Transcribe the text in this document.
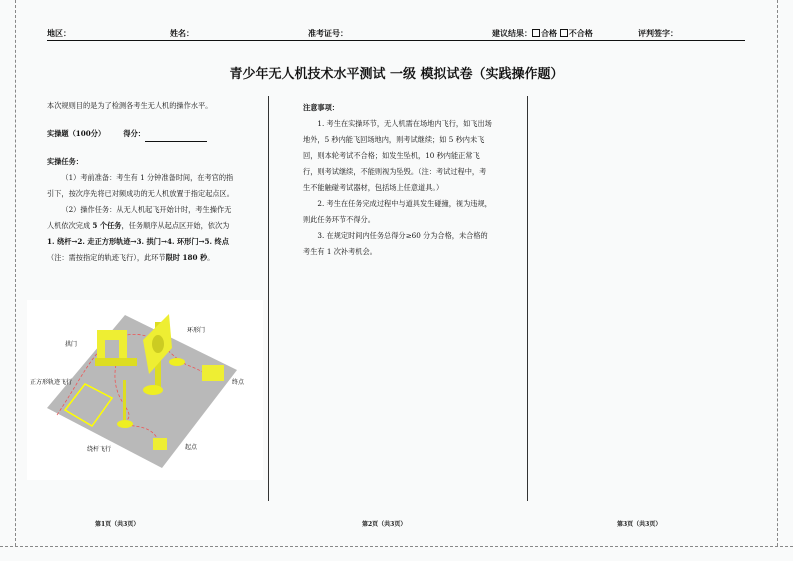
地区：	姓名：	准考证号：	建议结果： 合格 不合格	评判签字：
青少年无人机技术水平测试 一级 模拟试卷（实践操作题）

本次规则目的是为了检测各考生无人机的操作水平。

实操题（100分）	得分：

实操任务：

（1）考前准备：考生有 1 分钟准备时间，在考官的指引下，按次序先将已对频成功的无人机放置于指定起点区。

（2）操作任务：从无人机起飞开始计时，考生操作无人机依次完成 5 个任务，任务顺序从起点区开始，依次为 1. 绕杆→2. 走正方形轨迹→3. 拱门→4. 环形门→5. 终点（注：需按指定的轨迹飞行），此环节限时 180 秒。

拱门
环形门
正方形轨迹飞行	终点
绕杆飞行	起点

注意事项：

1. 考生在实操环节，无人机需在场地内飞行，如飞出场地外，5 秒内能飞回场地内，则考试继续；如 5 秒内未飞回，则本轮考试不合格；如发生坠机，10 秒内能正常飞行，则考试继续，不能则视为坠毁。（注：考试过程中，考生不能触碰考试器材，包括场上任意道具。）

2. 考生在任务完成过程中与道具发生碰撞，视为违规，则此任务环节不得分。

3. 在规定时间内任务总得分≥60 分为合格，未合格的考生有 1 次补考机会。

第1页（共3页）	第2页（共3页）	第3页（共3页）
